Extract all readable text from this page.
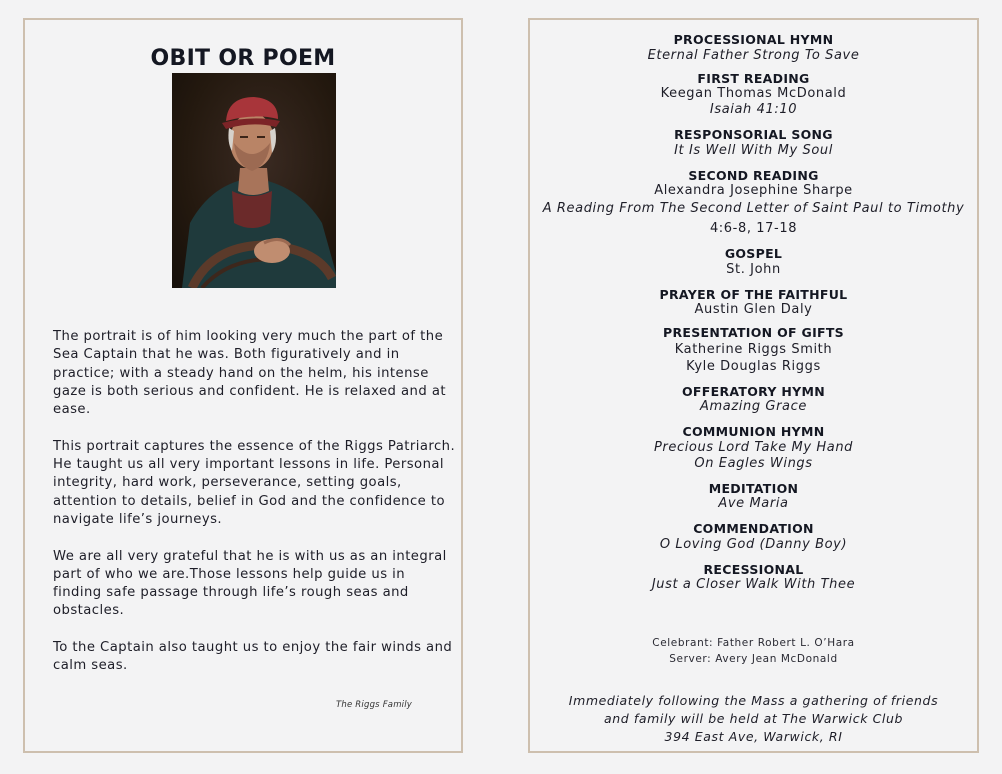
OBIT OR POEM

The portrait is of him looking very much the part of the Sea Captain that he was. Both figuratively and in practice; with a steady hand on the helm, his intense gaze is both serious and confident. He is relaxed and at ease.

This portrait captures the essence of the Riggs Patriarch. He taught us all very important lessons in life. Personal integrity, hard work, perseverance, setting goals, attention to details, belief in God and the confidence to navigate life’s journeys.

We are all very grateful that he is with us as an integral part of who we are.Those lessons help guide us in finding safe passage through life’s rough seas and obstacles.

To the Captain also taught us to enjoy the fair winds and calm seas.

The Riggs Family
PROCESSIONAL HYMN
Eternal Father Strong To Save
FIRST READING
Keegan Thomas McDonald
Isaiah 41:10
RESPONSORIAL SONG
It Is Well With My Soul
SECOND READING
Alexandra Josephine Sharpe
A Reading From The Second Letter of Saint Paul to Timothy
4:6-8, 17-18
GOSPEL
St. John
PRAYER OF THE FAITHFUL
Austin Glen Daly
PRESENTATION OF GIFTS
Katherine Riggs Smith
Kyle Douglas Riggs
OFFERATORY HYMN
Amazing Grace
COMMUNION HYMN
Precious Lord Take My Hand
On Eagles Wings
MEDITATION
Ave Maria
COMMENDATION
O Loving God (Danny Boy)
RECESSIONAL
Just a Closer Walk With Thee
Celebrant: Father Robert L. O’Hara
Server: Avery Jean McDonald
Immediately following the Mass a gathering of friends
and family will be held at The Warwick Club
394 East Ave, Warwick, RI
